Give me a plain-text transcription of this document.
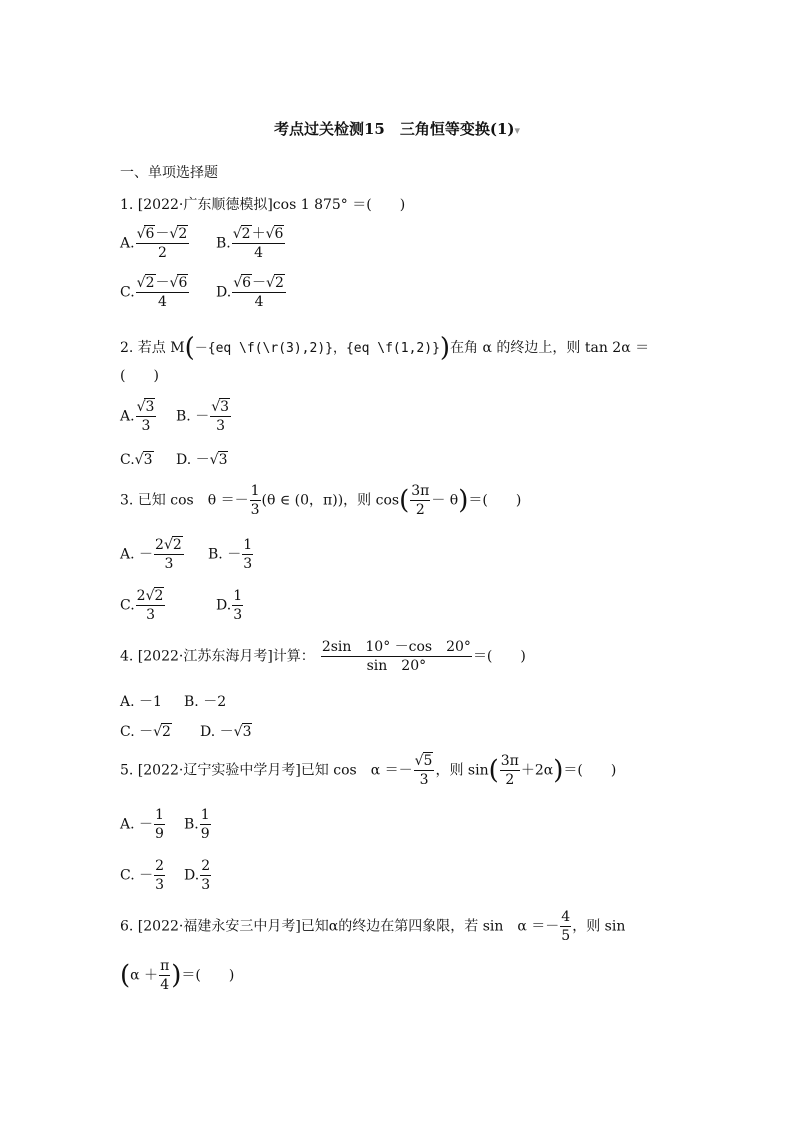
考点过关检测15　三角恒等变换(1)▾
一、单项选择题
1. [2022·广东顺德模拟]cos 1 875° ＝(　　)
A. $\frac{√6-√2}{2} B$. $\frac{√2+√6}{4}$
C. $\frac{√2-√6}{4} D$. $\frac{√6-√2}{4}$
2. 若点 M(－{eq \f(\r(3),2)}，{eq \f(1,2)})在角 α 的终边上，则 tan 2α ＝
(　　)
A. $\frac{√3}{3} B$. － $\frac{√3}{3}$
C.√3 D. －√3
3. 已知 cos　$\theta =- \frac{1}{3} (\theta$ ∈ (0，π))，则 $\cos( \frac{3\pi}{2} - \theta)=$(　　)
A. － $\frac{2√2}{3} B$. － $\frac{1}{3}$
C. $\frac{2√2}{3}$	D. $\frac{1}{3}$
4. [2022·江苏东海月考]计算： $\frac{2\sin 10^\circ -\cos 20^\circ}{\sin 20^\circ}$ ＝(　　)
A. －1 B. －2
C. －√2 D. －√3
5. [2022·辽宁实验中学月考]已知 cos　$\alpha =- \frac{√5}{3}$ ，则 $\sin( \frac{3\pi}{2} +2\alpha)=$(　　)
A. － $\frac{1}{9} B$. $\frac{1}{9}$
C. － $\frac{2}{3} D$. $\frac{2}{3}$
6. [2022·福建永安三中月考]已知α的终边在第四象限，若 sin　$\alpha =- \frac{4}{5}$ ，则 sin
($\alpha + \frac{\pi}{4}$ )＝(　　)
